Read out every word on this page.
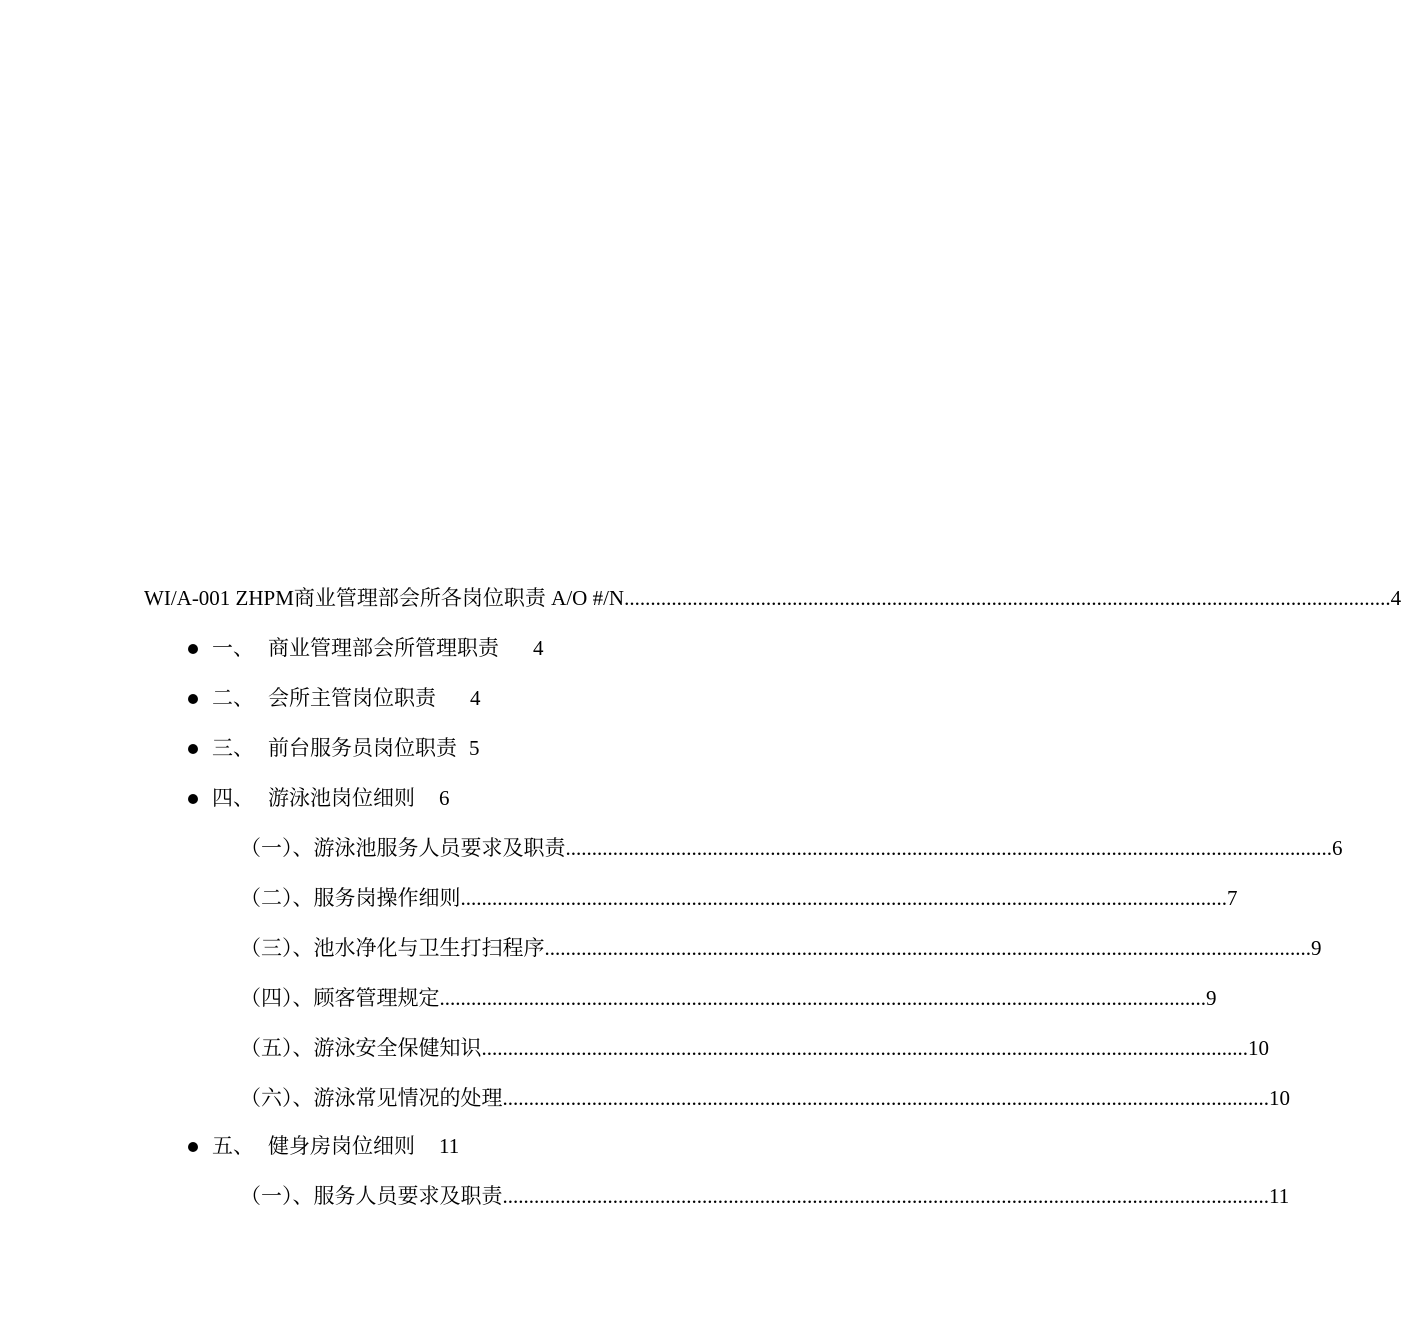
WI/A-001 ZHPM商业管理部会所各岗位职责 A/O #/N .................................................................................................................................................. 4
一、 商业管理部会所管理职责 4
二、 会所主管岗位职责 4
三、 前台服务员岗位职责 5
四、 游泳池岗位细则 6
（一）、游泳池服务人员要求及职责 .................................................................................................................................................. 6
（二）、服务岗操作细则 .................................................................................................................................................. 7
（三）、池水净化与卫生打扫程序 .................................................................................................................................................. 9
（四）、顾客管理规定 .................................................................................................................................................. 9
（五）、游泳安全保健知识 .................................................................................................................................................. 10
（六）、游泳常见情况的处理 .................................................................................................................................................. 10
五、 健身房岗位细则 11
（一）、服务人员要求及职责 .................................................................................................................................................. 11
